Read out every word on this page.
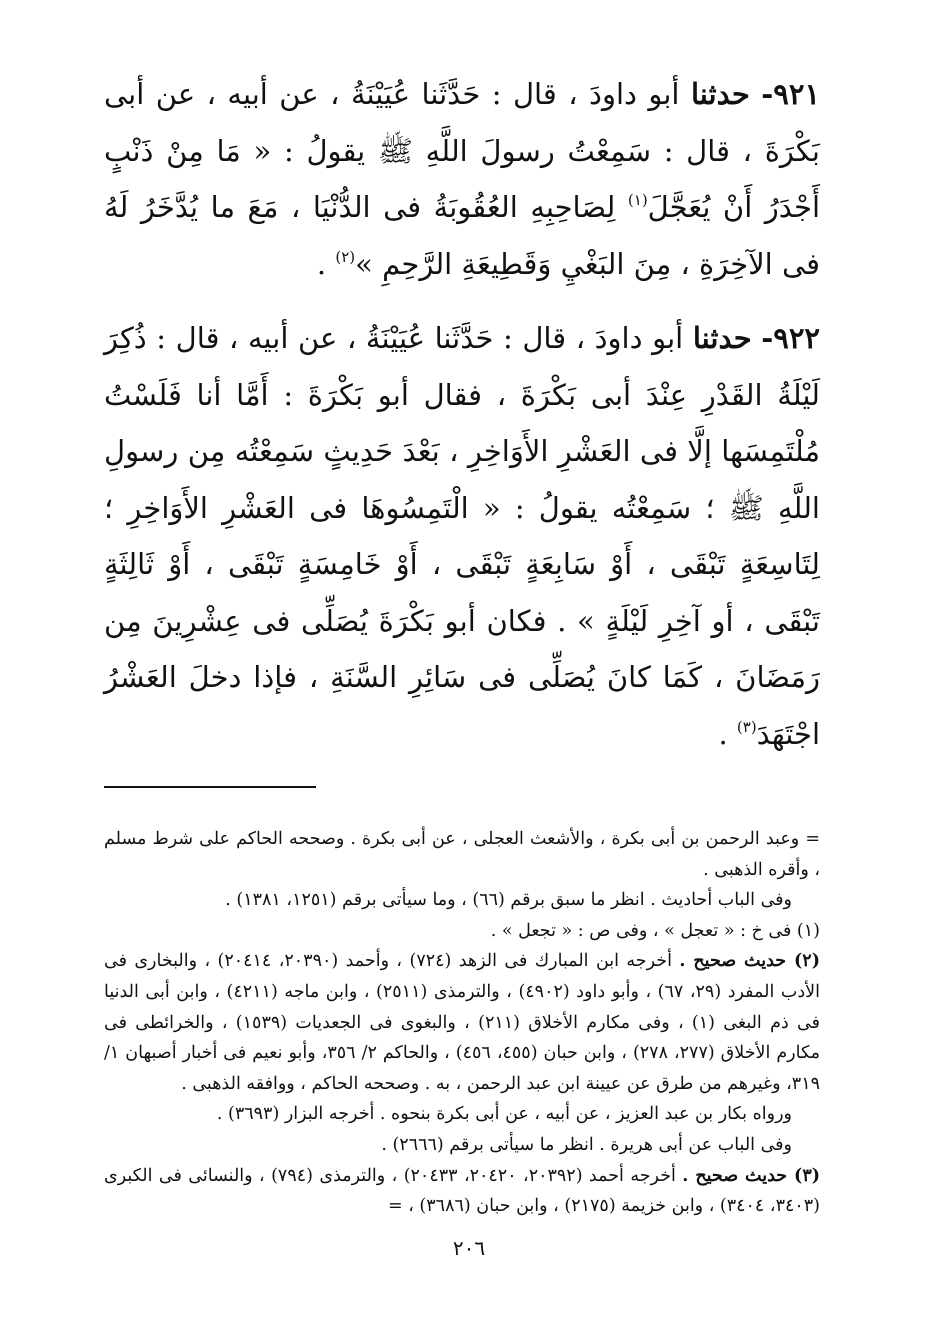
٩٢١- حدثنا أبو داودَ ، قال : حَدَّثَنا عُيَيْنَةُ ، عن أبيه ، عن أبى بَكْرَةَ ، قال : سَمِعْتُ رسولَ اللَّهِ ﷺ يقولُ : « مَا مِنْ ذَنْبٍ أَجْدَرُ أَنْ يُعَجَّلَ$^{(١)}$ لِصَاحِبِهِ العُقُوبَةُ فى الدُّنْيَا ، مَعَ ما يُدَّخَرُ لَهُ فى الآخِرَةِ ، مِنَ البَغْيِ وَقَطِيعَةِ الرَّحِمِ »$^{(٢)}$ .

٩٢٢- حدثنا أبو داودَ ، قال : حَدَّثَنا عُيَيْنَةُ ، عن أبيه ، قال : ذُكِرَ لَيْلَةُ القَدْرِ عِنْدَ أبى بَكْرَةَ ، فقال أبو بَكْرَةَ : أَمَّا أنا فَلَسْتُ مُلْتَمِسَها إلَّا فى العَشْرِ الأَوَاخِرِ ، بَعْدَ حَدِيثٍ سَمِعْتُه مِن رسولِ اللَّهِ ﷺ ؛ سَمِعْتُه يقولُ : « الْتَمِسُوهَا فى العَشْرِ الأَوَاخِرِ ؛ لِتَاسِعَةٍ تَبْقَى ، أَوْ سَابِعَةٍ تَبْقَى ، أَوْ خَامِسَةٍ تَبْقَى ، أَوْ ثَالِثَةٍ تَبْقَى ، أو آخِرِ لَيْلَةٍ » . فكان أبو بَكْرَةَ يُصَلِّى فى عِشْرِينَ مِن رَمَضَانَ ، كَمَا كانَ يُصَلِّى فى سَائِرِ السَّنَةِ ، فإذا دخلَ العَشْرُ اجْتَهَدَ$^{(٣)}$ .

= وعبد الرحمن بن أبى بكرة ، والأشعث العجلى ، عن أبى بكرة . وصححه الحاكم على شرط مسلم ، وأقره الذهبى .

وفى الباب أحاديث . انظر ما سبق برقم (٦٦) ، وما سيأتى برقم (١٢٥١، ١٣٨١) .

(١) فى خ : « تعجل » ، وفى ص : « تجعل » .

(٢) حديث صحيح . أخرجه ابن المبارك فى الزهد (٧٢٤) ، وأحمد (٢٠٣٩٠، ٢٠٤١٤) ، والبخارى فى الأدب المفرد (٢٩، ٦٧) ، وأبو داود (٤٩٠٢) ، والترمذى (٢٥١١) ، وابن ماجه (٤٢١١) ، وابن أبى الدنيا فى ذم البغى (١) ، وفى مكارم الأخلاق (٢١١) ، والبغوى فى الجعديات (١٥٣٩) ، والخرائطى فى مكارم الأخلاق (٢٧٧، ٢٧٨) ، وابن حبان (٤٥٥، ٤٥٦) ، والحاكم ٢/ ٣٥٦، وأبو نعيم فى أخبار أصبهان ١/ ٣١٩، وغيرهم من طرق عن عيينة ابن عبد الرحمن ، به . وصححه الحاكم ، ووافقه الذهبى .

ورواه بكار بن عبد العزيز ، عن أبيه ، عن أبى بكرة بنحوه . أخرجه البزار (٣٦٩٣) .

وفى الباب عن أبى هريرة . انظر ما سيأتى برقم (٢٦٦٦) .

(٣) حديث صحيح . أخرجه أحمد (٢٠٣٩٢، ٢٠٤٢٠، ٢٠٤٣٣) ، والترمذى (٧٩٤) ، والنسائى فى الكبرى (٣٤٠٣، ٣٤٠٤) ، وابن خزيمة (٢١٧٥) ، وابن حبان (٣٦٨٦) ، =

٢٠٦
